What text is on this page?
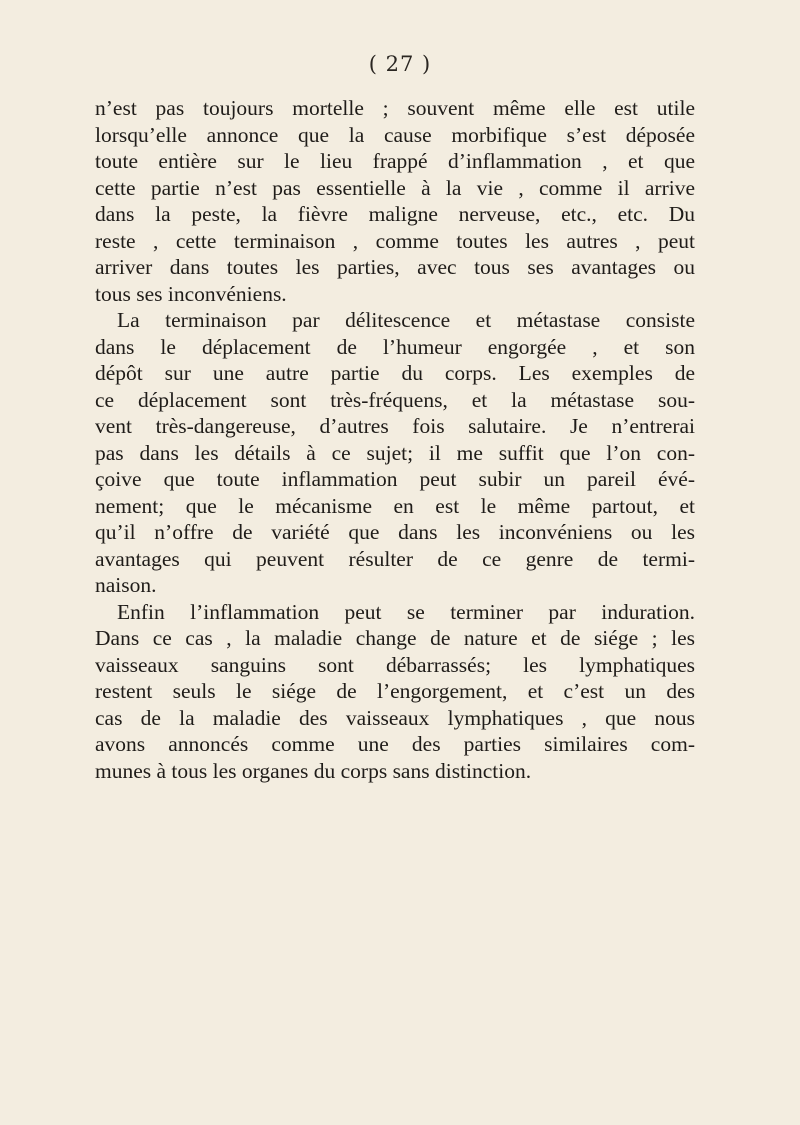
( 27 )

n’est pas toujours mortelle ; souvent même elle est utile
lorsqu’elle annonce que la cause morbifique s’est déposée
toute entière sur le lieu frappé d’inflammation , et que
cette partie n’est pas essentielle à la vie , comme il arrive
dans la peste, la fièvre maligne nerveuse, etc., etc. Du
reste , cette terminaison , comme toutes les autres , peut
arriver dans toutes les parties, avec tous ses avantages ou
tous ses inconvéniens.

La terminaison par délitescence et métastase consiste
dans le déplacement de l’humeur engorgée , et son
dépôt sur une autre partie du corps. Les exemples de
ce déplacement sont très-fréquens, et la métastase sou-
vent très-dangereuse, d’autres fois salutaire. Je n’entrerai
pas dans les détails à ce sujet; il me suffit que l’on con-
çoive que toute inflammation peut subir un pareil évé-
nement; que le mécanisme en est le même partout, et
qu’il n’offre de variété que dans les inconvéniens ou les
avantages qui peuvent résulter de ce genre de termi-
naison.

Enfin l’inflammation peut se terminer par induration.
Dans ce cas , la maladie change de nature et de siége ; les
vaisseaux sanguins sont débarrassés; les lymphatiques
restent seuls le siége de l’engorgement, et c’est un des
cas de la maladie des vaisseaux lymphatiques , que nous
avons annoncés comme une des parties similaires com-
munes à tous les organes du corps sans distinction.
